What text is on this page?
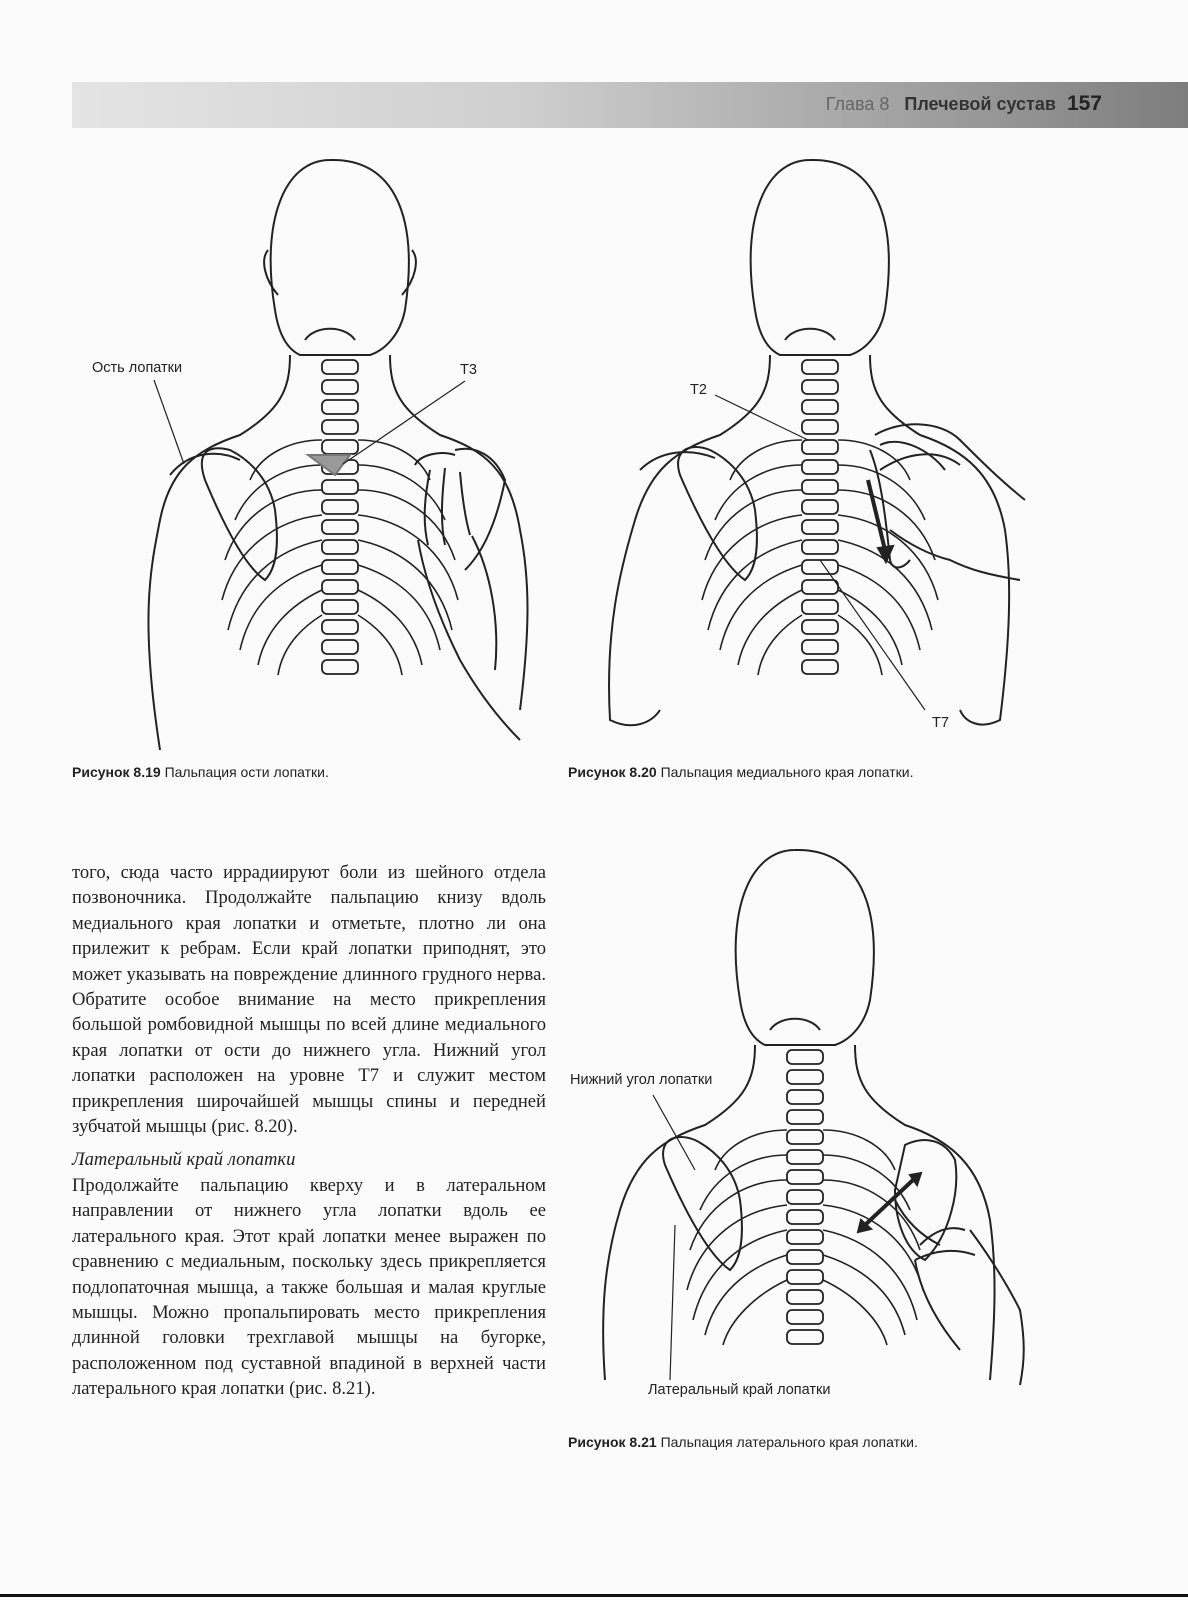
Глава 8 Плечевой сустав 157
Ость лопатки	T3
Рисунок 8.19 Пальпация ости лопатки.
T2
T7
Рисунок 8.20 Пальпация медиального края лопатки.
Нижний угол лопатки
Латеральный край лопатки
Рисунок 8.21 Пальпация латерального края лопатки.

того, сюда часто иррадиируют боли из шейного отдела позвоночника. Продолжайте пальпацию книзу вдоль медиального края лопатки и отметьте, плотно ли она прилежит к ребрам. Если край лопатки приподнят, это может указывать на повреждение длинного грудного нерва. Обратите особое внимание на место прикрепления большой ромбовидной мышцы по всей длине медиального края лопатки от ости до нижнего угла. Нижний угол лопатки расположен на уровне T7 и служит местом прикрепления широчайшей мышцы спины и передней зубчатой мышцы (рис. 8.20).

Латеральный край лопатки

Продолжайте пальпацию кверху и в латеральном направлении от нижнего угла лопатки вдоль ее латерального края. Этот край лопатки менее выражен по сравнению с медиальным, поскольку здесь прикрепляется подлопаточная мышца, а также большая и малая круглые мышцы. Можно пропальпировать место прикрепления длинной головки трехглавой мышцы на бугорке, расположенном под суставной впадиной в верхней части латерального края лопатки (рис. 8.21).
